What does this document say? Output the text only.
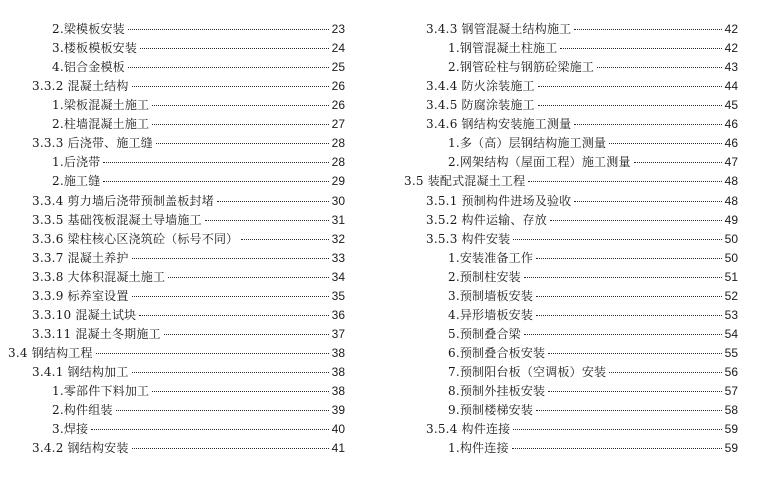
2.梁模板安装	23
3.楼板模板安装	24
4.铝合金模板	25
3.3.2 混凝土结构	26
1.梁板混凝土施工	26
2.柱墙混凝土施工	27
3.3.3 后浇带、施工缝	28
1.后浇带	28
2.施工缝	29
3.3.4 剪力墙后浇带预制盖板封堵	30
3.3.5 基础筏板混凝土导墙施工	31
3.3.6 梁柱核心区浇筑砼（标号不同）	32
3.3.7 混凝土养护	33
3.3.8 大体积混凝土施工	34
3.3.9 标养室设置	35
3.3.10 混凝土试块	36
3.3.11 混凝土冬期施工	37
3.4 钢结构工程	38
3.4.1 钢结构加工	38
1.零部件下料加工	38
2.构件组装	39
3.焊接	40
3.4.2 钢结构安装	41
3.4.3 钢管混凝土结构施工	42
1.钢管混凝土柱施工	42
2.钢管砼柱与钢筋砼梁施工	43
3.4.4 防火涂装施工	44
3.4.5 防腐涂装施工	45
3.4.6 钢结构安装施工测量	46
1.多（高）层钢结构施工测量	46
2.网架结构（屋面工程）施工测量	47
3.5 装配式混凝土工程	48
3.5.1 预制构件进场及验收	48
3.5.2 构件运输、存放	49
3.5.3 构件安装	50
1.安装准备工作	50
2.预制柱安装	51
3.预制墙板安装	52
4.异形墙板安装	53
5.预制叠合梁	54
6.预制叠合板安装	55
7.预制阳台板（空调板）安装	56
8.预制外挂板安装	57
9.预制楼梯安装	58
3.5.4 构件连接	59
1.构件连接	59
